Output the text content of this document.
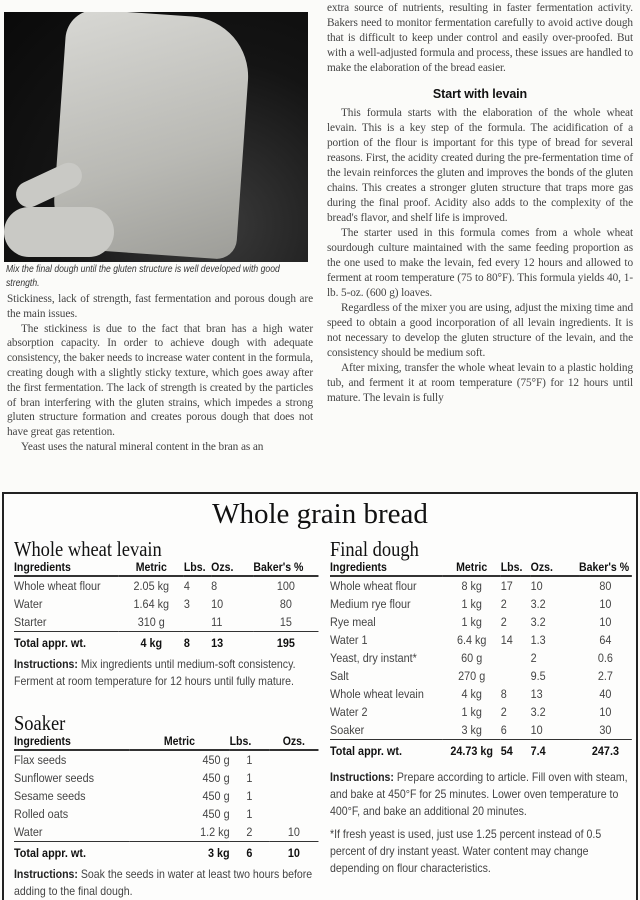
Mix the final dough until the gluten structure is well developed with good strength.

Stickiness, lack of strength, fast fermentation and porous dough are the main issues.

The stickiness is due to the fact that bran has a high water absorption capacity. In order to achieve dough with adequate consistency, the baker needs to increase water content in the formula, creating dough with a slightly sticky texture, which goes away after the first fermentation. The lack of strength is created by the particles of bran interfering with the gluten strains, which impedes a strong gluten structure formation and creates porous dough that does not have great gas retention.

Yeast uses the natural mineral content in the bran as an

extra source of nutrients, resulting in faster fermentation activity. Bakers need to monitor fermentation carefully to avoid active dough that is difficult to keep under control and easily over-proofed. But with a well-adjusted formula and process, these issues are handled to make the elaboration of the bread easier.

Start with levain

This formula starts with the elaboration of the whole wheat levain. This is a key step of the formula. The acidification of a portion of the flour is important for this type of bread for several reasons. First, the acidity created during the pre-fermentation time of the levain reinforces the gluten and improves the bonds of the gluten chains. This creates a stronger gluten structure that traps more gas during the final proof. Acidity also adds to the complexity of the bread's flavor, and shelf life is improved.

The starter used in this formula comes from a whole wheat sourdough culture maintained with the same feeding proportion as the one used to make the levain, fed every 12 hours and allowed to ferment at room temperature (75 to 80°F). This formula yields 40, 1-lb. 5-oz. (600 g) loaves.

Regardless of the mixer you are using, adjust the mixing time and speed to obtain a good incorporation of all levain ingredients. It is not necessary to develop the gluten structure of the levain, and the consistency should be medium soft.

After mixing, transfer the whole wheat levain to a plastic holding tub, and ferment it at room temperature (75°F) for 12 hours until mature. The levain is fully

Whole grain bread
Whole wheat levain
Ingredients	Metric	Lbs.	Ozs.	Baker's %
Whole wheat flour	2.05 kg	4	8	100
Water	1.64 kg	3	10	80
Starter	310 g		11	15
Total appr. wt.	4 kg	8	13	195
Instructions: Mix ingredients until medium-soft consistency. Ferment at room temperature for 12 hours until fully mature.
Soaker
Ingredients	Metric	Lbs.	Ozs.
Flax seeds	450 g	1	
Sunflower seeds	450 g	1	
Sesame seeds	450 g	1	
Rolled oats	450 g	1	
Water	1.2 kg	2	10
Total appr. wt.	3 kg	6	10
Instructions: Soak the seeds in water at least two hours before adding to the final dough.
Final dough
Ingredients	Metric	Lbs.	Ozs.	Baker's %
Whole wheat flour	8 kg	17	10	80
Medium rye flour	1 kg	2	3.2	10
Rye meal	1 kg	2	3.2	10
Water 1	6.4 kg	14	1.3	64
Yeast, dry instant*	60 g		2	0.6
Salt	270 g		9.5	2.7
Whole wheat levain	4 kg	8	13	40
Water 2	1 kg	2	3.2	10
Soaker	3 kg	6	10	30
Total appr. wt.	24.73 kg	54	7.4	247.3
Instructions: Prepare according to article. Fill oven with steam, and bake at 450°F for 25 minutes. Lower oven temperature to 400°F, and bake an additional 20 minutes.
*If fresh yeast is used, just use 1.25 percent instead of 0.5 percent of dry instant yeast. Water content may change depending on flour characteristics.
